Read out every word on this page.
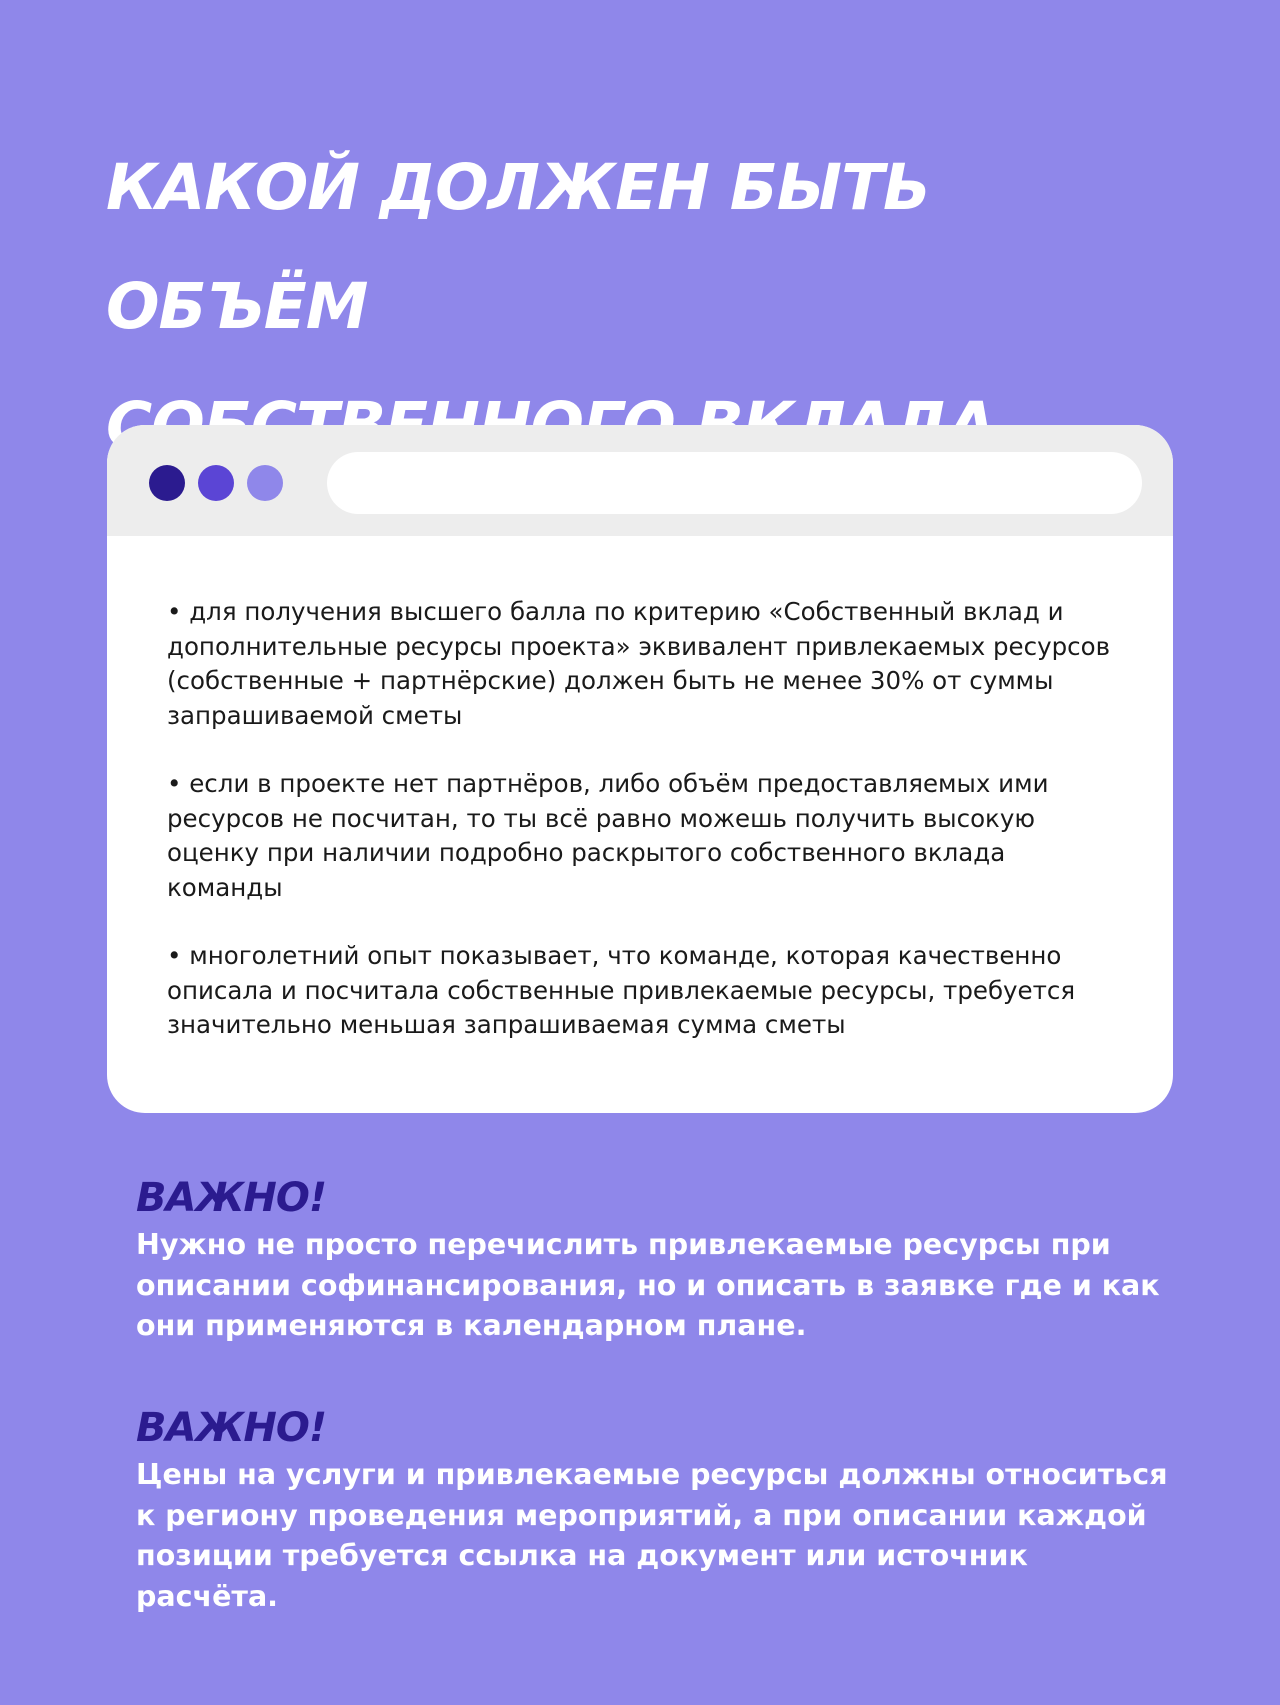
КАКОЙ ДОЛЖЕН БЫТЬ ОБЪЁМ

• для получения высшего балла по критерию «Собственный вклад и дополнительные ресурсы проекта» эквивалент привлекаемых ресурсов (собственные + партнёрские) должен быть не менее 30% от суммы запрашиваемой сметы

• если в проекте нет партнёров, либо объём предоставляемых ими ресурсов не посчитан, то ты всё равно можешь получить высокую оценку при наличии подробно раскрытого собственного вклада команды

• многолетний опыт показывает, что команде, которая качественно описала и посчитала собственные привлекаемые ресурсы, требуется значительно меньшая запрашиваемая сумма сметы

ВАЖНО!

Нужно не просто перечислить привлекаемые ресурсы при описании софинансирования, но и описать в заявке где и как они применяются в календарном плане.

ВАЖНО!

Цены на услуги и привлекаемые ресурсы должны относиться к региону проведения мероприятий, а при описании каждой позиции требуется ссылка на документ или источник расчёта.
